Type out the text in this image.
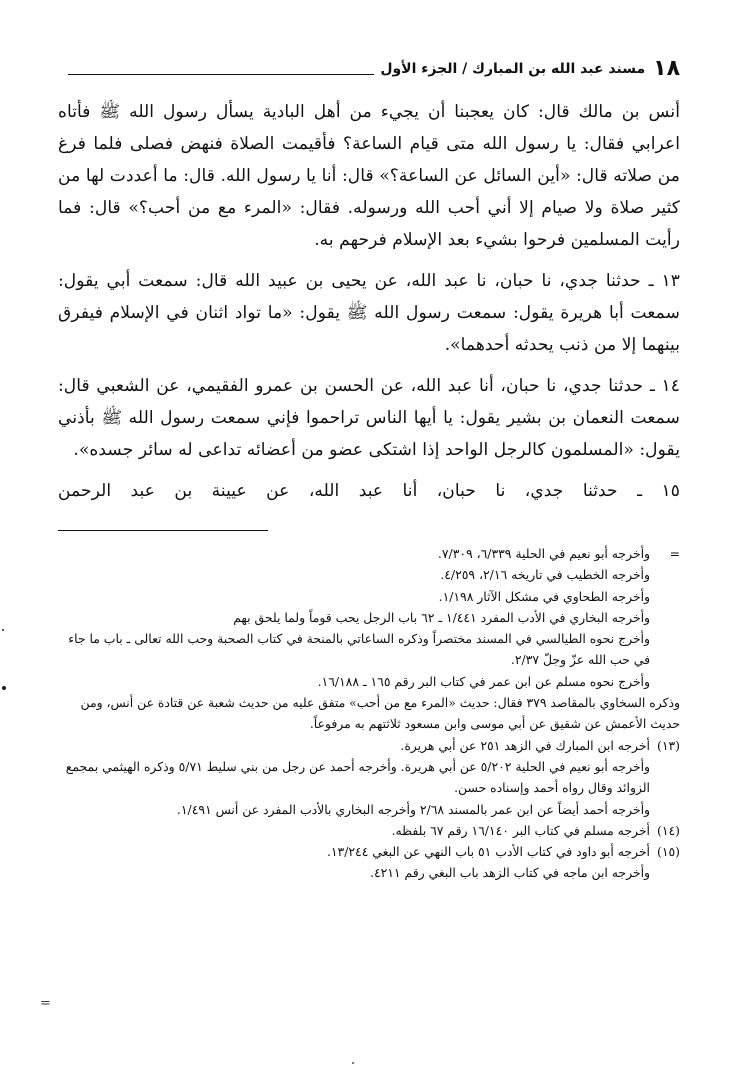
١٨
مسند عبد الله بن المبارك / الجزء الأول

أنس بن مالك قال: كان يعجبنا أن يجيء من أهل البادية يسأل رسول الله ﷺ فأتاه اعرابي فقال: يا رسول الله متى قيام الساعة؟ فأقيمت الصلاة فنهض فصلى فلما فرغ من صلاته قال: «أين السائل عن الساعة؟» قال: أنا يا رسول الله. قال: ما أعددت لها من كثير صلاة ولا صيام إلا أني أحب الله ورسوله. فقال: «المرء مع من أحب؟» قال: فما رأيت المسلمين فرحوا بشيء بعد الإسلام فرحهم به.

١٣ ـ حدثنا جدي، نا حبان، نا عبد الله، عن يحيى بن عبيد الله قال: سمعت أبي يقول: سمعت أبا هريرة يقول: سمعت رسول الله ﷺ يقول: «ما تواد اثنان في الإسلام فيفرق بينهما إلا من ذنب يحدثه أحدهما».

١٤ ـ حدثنا جدي، نا حبان، أنا عبد الله، عن الحسن بن عمرو الفقيمي، عن الشعبي قال: سمعت النعمان بن بشير يقول: يا أيها الناس تراحموا فإني سمعت رسول الله ﷺ بأذني يقول: «المسلمون كالرجل الواحد إذا اشتكى عضو من أعضائه تداعى له سائر جسده».

١٥ ـ حدثنا جدي، نا حبان، أنا عبد الله، عن عيينة بن عبد الرحمن

=وأخرجه أبو نعيم في الحلية ٦/٣٣٩، ٧/٣٠٩.
وأخرجه الخطيب في تاريخه ٢/١٦، ٤/٢٥٩.
وأخرجه الطحاوي في مشكل الآثار ١/١٩٨.
وأخرجه البخاري في الأدب المفرد ١/٤٤١ ـ ٦٢ باب الرجل يحب قوماً ولما يلحق بهم
وأخرج نحوه الطيالسي في المسند مختصراً وذكره الساعاتي بالمنحة في كتاب الصحبة وحب الله تعالى ـ باب ما جاء في حب الله عزّ وجلّ ٢/٣٧.
وأخرج نحوه مسلم عن ابن عمر في كتاب البر رقم ١٦٥ ـ ١٦/١٨٨.
وذكره السخاوي بالمقاصد ٣٧٩ فقال: حديث «المرء مع من أحب» متفق عليه من حديث شعبة عن قتادة عن أنس، ومن حديث الأعمش عن شقيق عن أبي موسى وابن مسعود ثلاثتهم به مرفوعاً.
(١٣)أخرجه ابن المبارك في الزهد ٢٥١ عن أبي هريرة.
وأخرجه أبو نعيم في الحلية ٥/٢٠٢ عن أبي هريرة. وأخرجه أحمد عن رجل من بني سليط ٥/٧١ وذكره الهيثمي بمجمع الزوائد وقال رواه أحمد وإسناده حسن.
وأخرجه أحمد أيضاً عن ابن عمر بالمسند ٢/٦٨ وأخرجه البخاري بالأدب المفرد عن أنس ١/٤٩١.
(١٤)أخرجه مسلم في كتاب البر ١٦/١٤٠ رقم ٦٧ بلفظه.
(١٥)أخرجه أبو داود في كتاب الأدب ٥١ باب النهي عن البغي ١٣/٢٤٤.
وأخرجه ابن ماجه في كتاب الزهد باب البغي رقم ٤٢١١.
=
